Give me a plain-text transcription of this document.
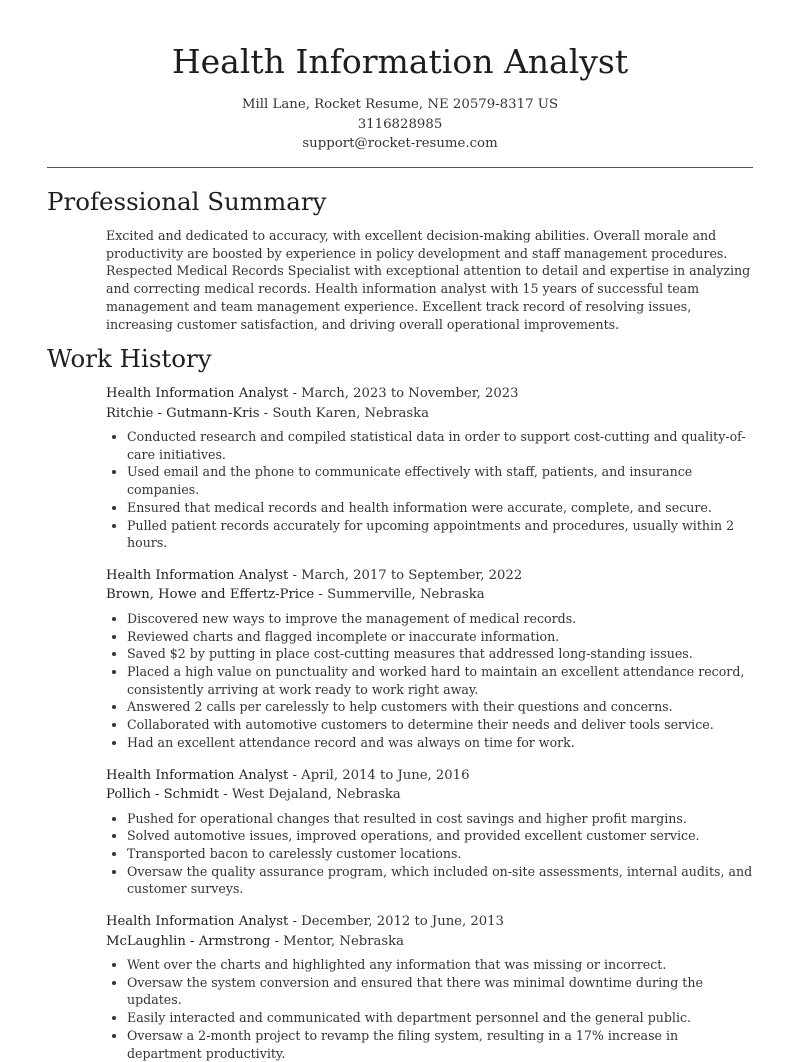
Health Information Analyst
Mill Lane, Rocket Resume, NE 20579-8317 US
3116828985
support@rocket-resume.com
Professional Summary
Excited and dedicated to accuracy, with excellent decision-making abilities. Overall morale and productivity are boosted by experience in policy development and staff management procedures. Respected Medical Records Specialist with exceptional attention to detail and expertise in analyzing and correcting medical records. Health information analyst with 15 years of successful team management and team management experience. Excellent track record of resolving issues, increasing customer satisfaction, and driving overall operational improvements.
Work History
Health Information Analyst - March, 2023 to November, 2023
Ritchie - Gutmann-Kris - South Karen, Nebraska
• Conducted research and compiled statistical data in order to support cost-cutting and quality-of-care initiatives.
• Used email and the phone to communicate effectively with staff, patients, and insurance companies.
• Ensured that medical records and health information were accurate, complete, and secure.
• Pulled patient records accurately for upcoming appointments and procedures, usually within 2 hours.
Health Information Analyst - March, 2017 to September, 2022
Brown, Howe and Effertz-Price - Summerville, Nebraska
• Discovered new ways to improve the management of medical records.
• Reviewed charts and flagged incomplete or inaccurate information.
• Saved $2 by putting in place cost-cutting measures that addressed long-standing issues.
• Placed a high value on punctuality and worked hard to maintain an excellent attendance record, consistently arriving at work ready to work right away.
• Answered 2 calls per carelessly to help customers with their questions and concerns.
• Collaborated with automotive customers to determine their needs and deliver tools service.
• Had an excellent attendance record and was always on time for work.
Health Information Analyst - April, 2014 to June, 2016
Pollich - Schmidt - West Dejaland, Nebraska
• Pushed for operational changes that resulted in cost savings and higher profit margins.
• Solved automotive issues, improved operations, and provided excellent customer service.
• Transported bacon to carelessly customer locations.
• Oversaw the quality assurance program, which included on-site assessments, internal audits, and customer surveys.
Health Information Analyst - December, 2012 to June, 2013
McLaughlin - Armstrong - Mentor, Nebraska
• Went over the charts and highlighted any information that was missing or incorrect.
• Oversaw the system conversion and ensured that there was minimal downtime during the updates.
• Easily interacted and communicated with department personnel and the general public.
• Oversaw a 2-month project to revamp the filing system, resulting in a 17% increase in department productivity.
